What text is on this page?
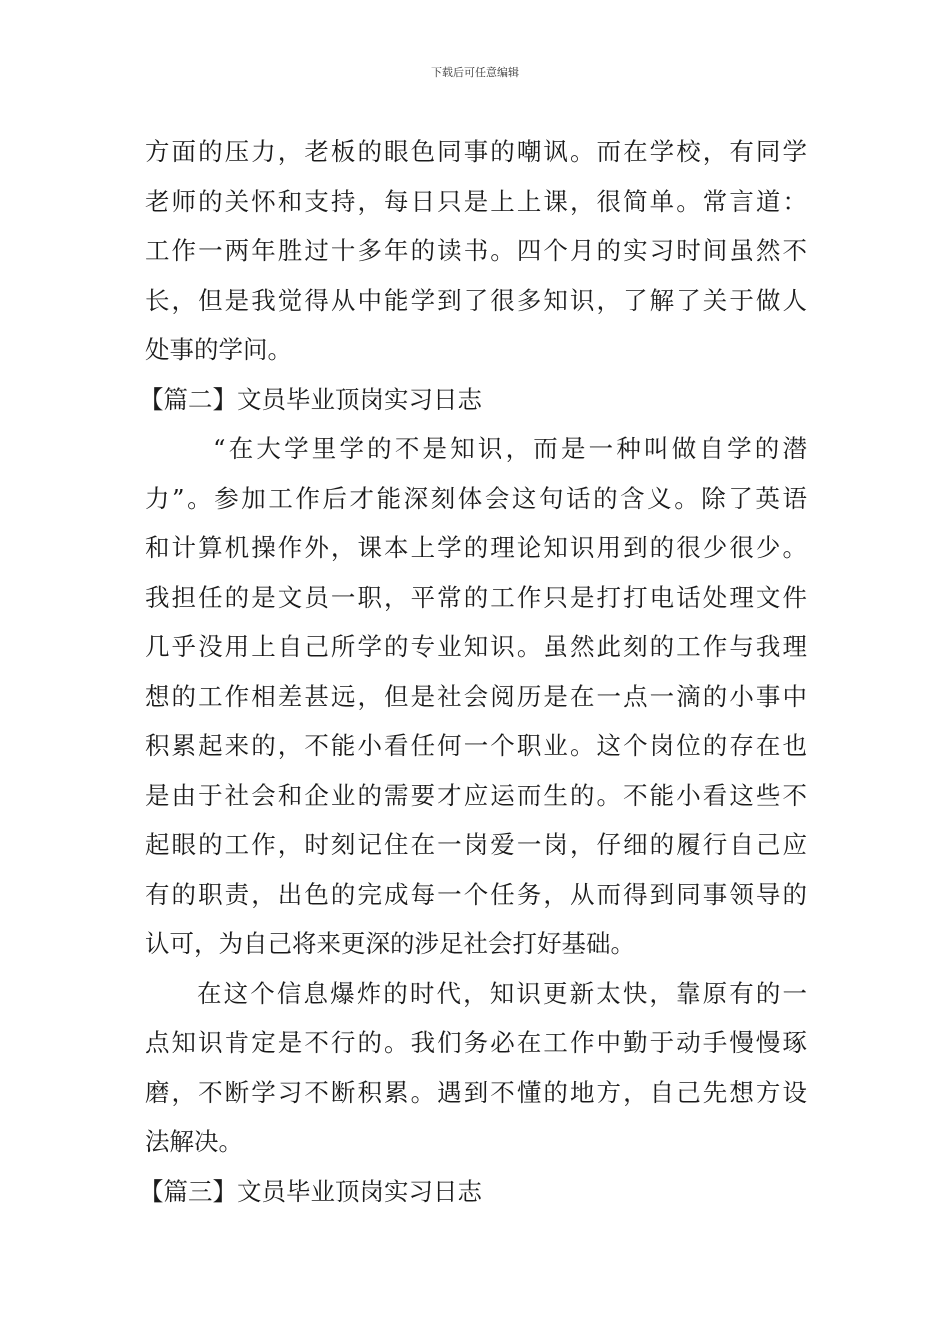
下载后可任意编辑
方面的压力，老板的眼色同事的嘲讽。而在学校，有同学
老师的关怀和支持，每日只是上上课，很简单。常言道：
工作一两年胜过十多年的读书。四个月的实习时间虽然不
长，但是我觉得从中能学到了很多知识，了解了关于做人
处事的学问。
【篇二】文员毕业顶岗实习日志
“在大学里学的不是知识，而是一种叫做自学的潜
力”。参加工作后才能深刻体会这句话的含义。除了英语
和计算机操作外，课本上学的理论知识用到的很少很少。
我担任的是文员一职，平常的工作只是打打电话处理文件
几乎没用上自己所学的专业知识。虽然此刻的工作与我理
想的工作相差甚远，但是社会阅历是在一点一滴的小事中
积累起来的，不能小看任何一个职业。这个岗位的存在也
是由于社会和企业的需要才应运而生的。不能小看这些不
起眼的工作，时刻记住在一岗爱一岗，仔细的履行自己应
有的职责，出色的完成每一个任务，从而得到同事领导的
认可，为自己将来更深的涉足社会打好基础。
在这个信息爆炸的时代，知识更新太快，靠原有的一
点知识肯定是不行的。我们务必在工作中勤于动手慢慢琢
磨，不断学习不断积累。遇到不懂的地方，自己先想方设
法解决。
【篇三】文员毕业顶岗实习日志
